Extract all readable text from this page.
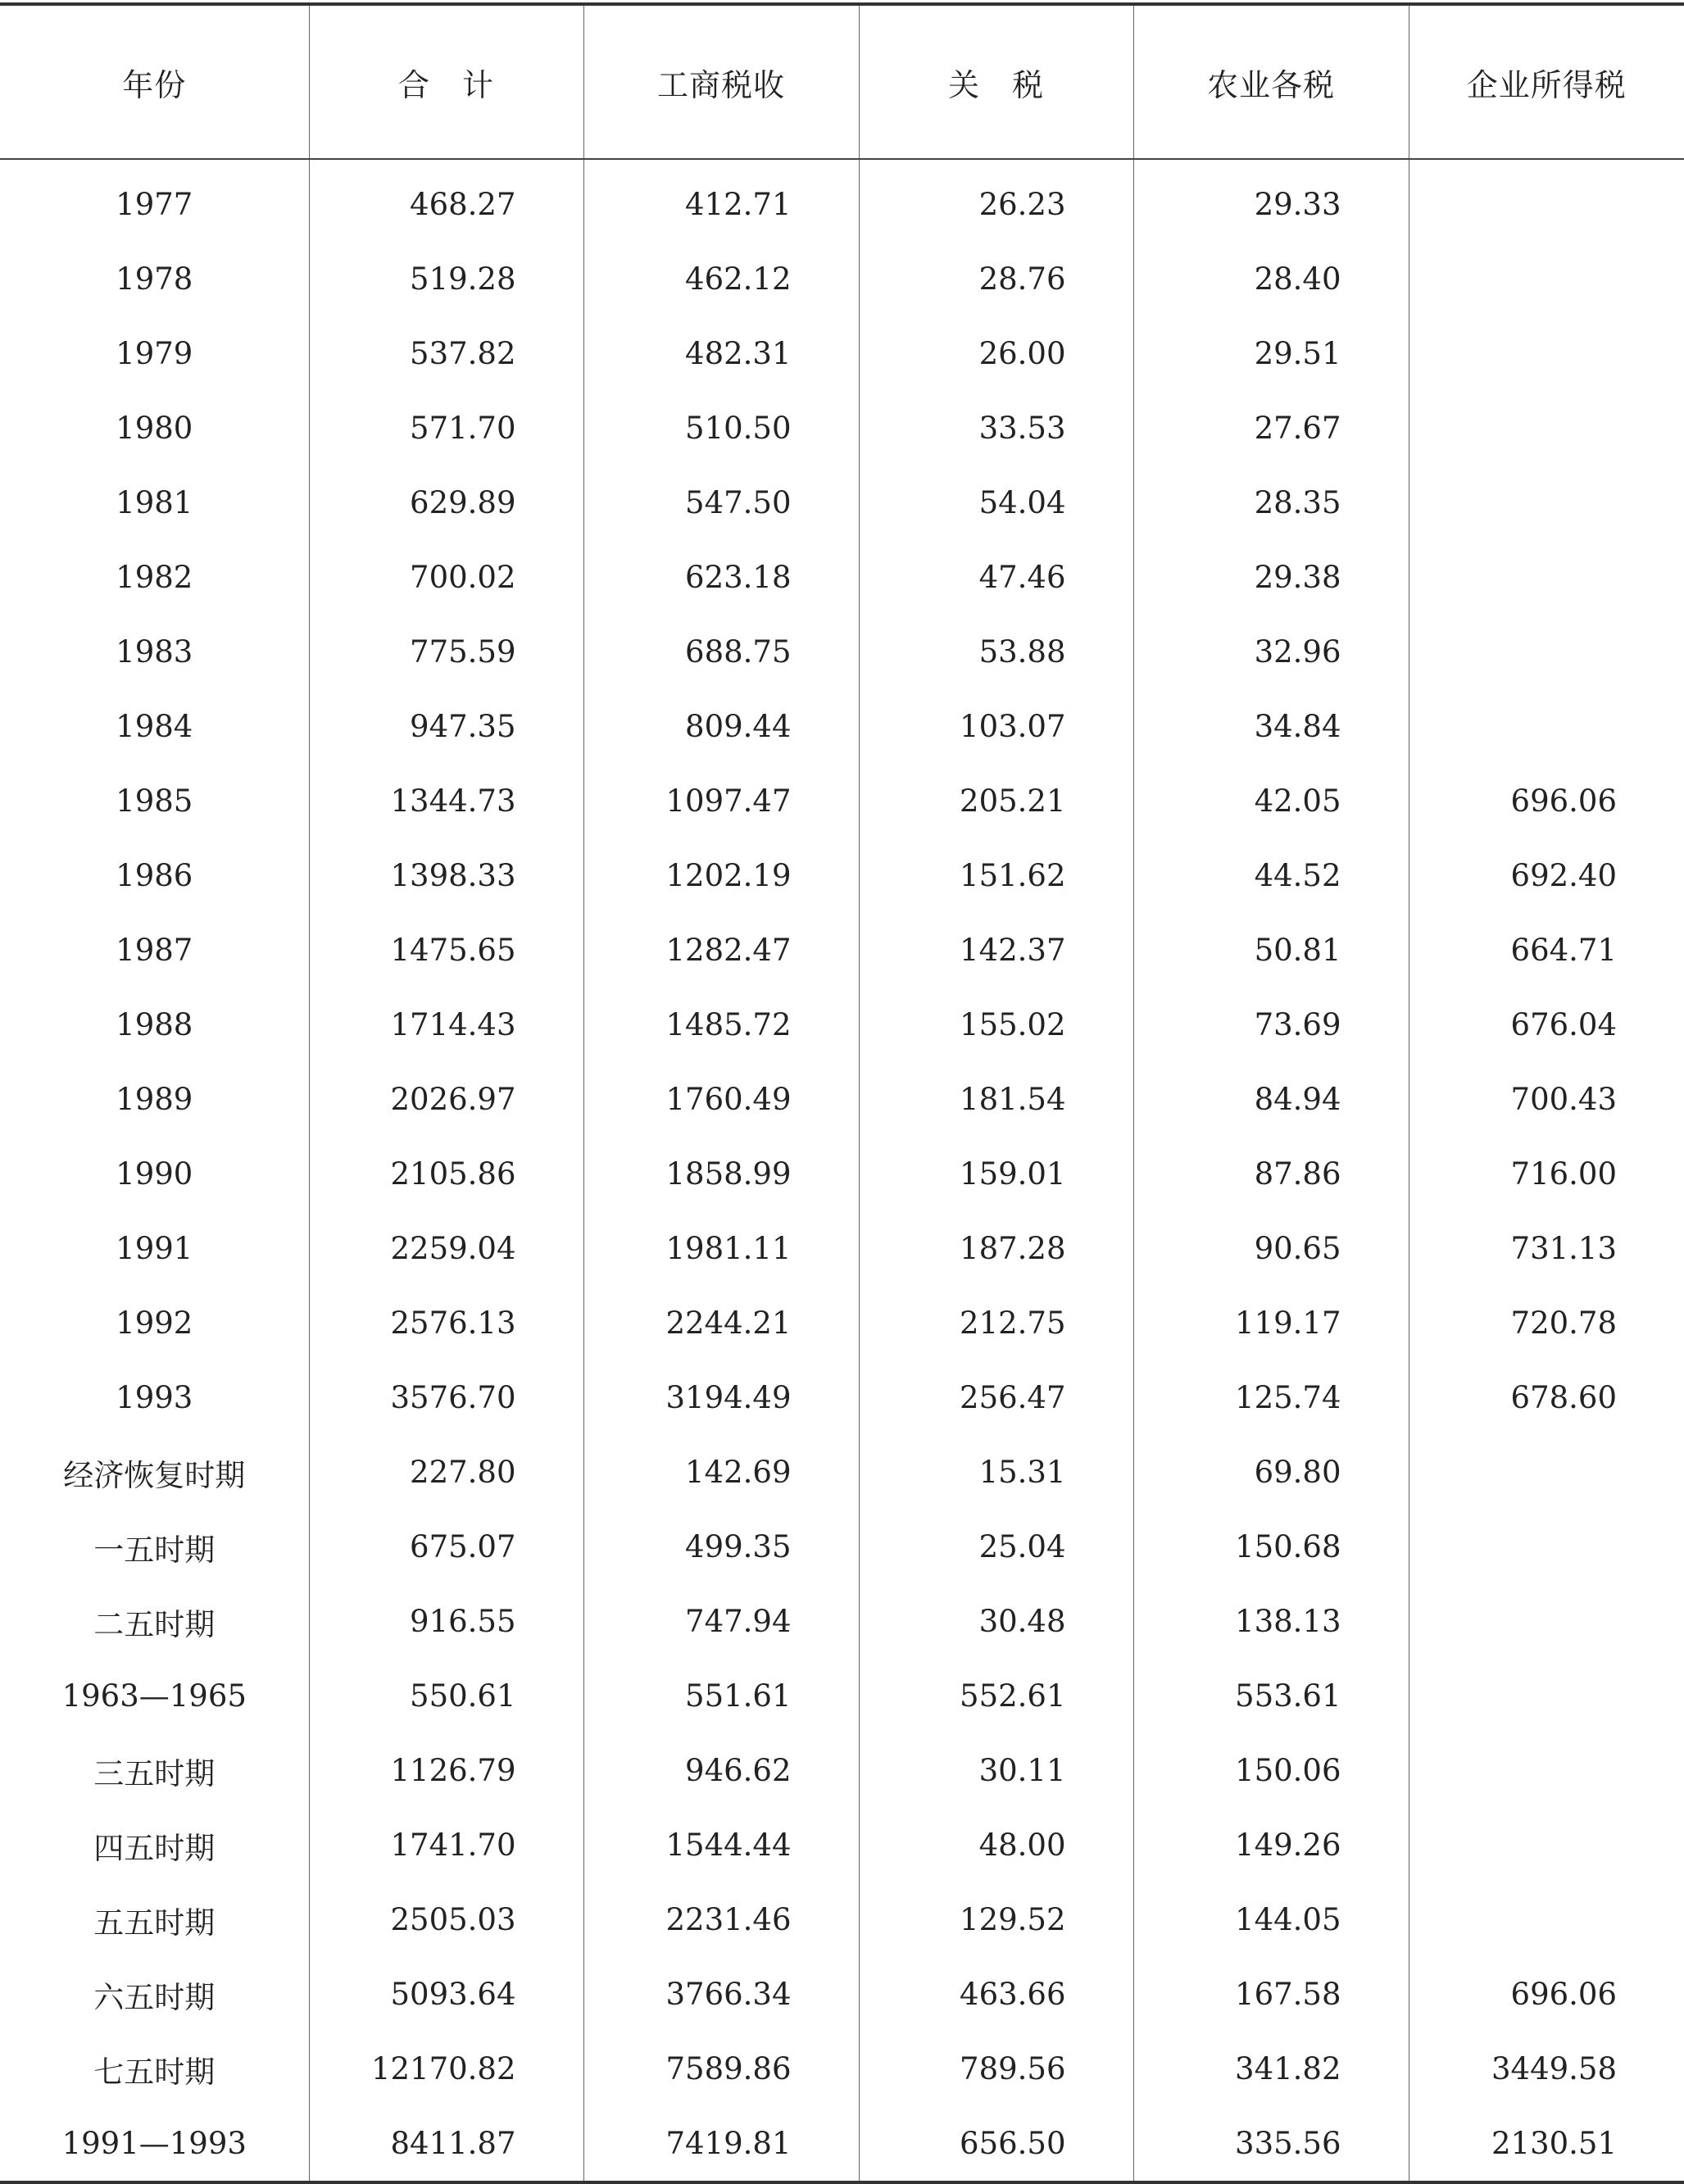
年份	合　计	工商税收	关　税	农业各税	企业所得税
1977	468.27	412.71	26.23	29.33	
1978	519.28	462.12	28.76	28.40	
1979	537.82	482.31	26.00	29.51	
1980	571.70	510.50	33.53	27.67	
1981	629.89	547.50	54.04	28.35	
1982	700.02	623.18	47.46	29.38	
1983	775.59	688.75	53.88	32.96	
1984	947.35	809.44	103.07	34.84	
1985	1344.73	1097.47	205.21	42.05	696.06
1986	1398.33	1202.19	151.62	44.52	692.40
1987	1475.65	1282.47	142.37	50.81	664.71
1988	1714.43	1485.72	155.02	73.69	676.04
1989	2026.97	1760.49	181.54	84.94	700.43
1990	2105.86	1858.99	159.01	87.86	716.00
1991	2259.04	1981.11	187.28	90.65	731.13
1992	2576.13	2244.21	212.75	119.17	720.78
1993	3576.70	3194.49	256.47	125.74	678.60
经济恢复时期	227.80	142.69	15.31	69.80	
一五时期	675.07	499.35	25.04	150.68	
二五时期	916.55	747.94	30.48	138.13	
1963—1965	550.61	551.61	552.61	553.61	
三五时期	1126.79	946.62	30.11	150.06	
四五时期	1741.70	1544.44	48.00	149.26	
五五时期	2505.03	2231.46	129.52	144.05	
六五时期	5093.64	3766.34	463.66	167.58	696.06
七五时期	12170.82	7589.86	789.56	341.82	3449.58
1991—1993	8411.87	7419.81	656.50	335.56	2130.51
